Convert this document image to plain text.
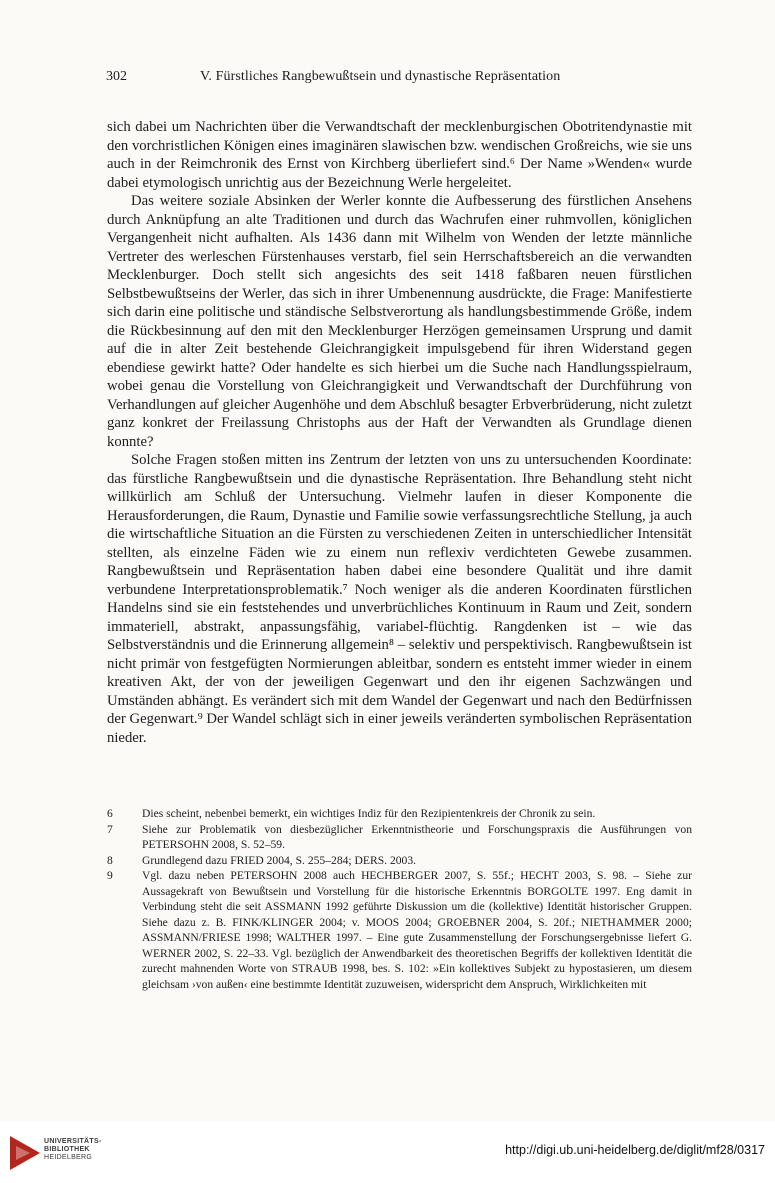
302	V. Fürstliches Rangbewußtsein und dynastische Repräsentation

sich dabei um Nachrichten über die Verwandtschaft der mecklenburgischen Obotritendynastie mit den vorchristlichen Königen eines imaginären slawischen bzw. wendischen Großreichs, wie sie uns auch in der Reimchronik des Ernst von Kirchberg überliefert sind.⁶ Der Name »Wenden« wurde dabei etymologisch unrichtig aus der Bezeichnung Werle hergeleitet.

Das weitere soziale Absinken der Werler konnte die Aufbesserung des fürstlichen Ansehens durch Anknüpfung an alte Traditionen und durch das Wachrufen einer ruhmvollen, königlichen Vergangenheit nicht aufhalten. Als 1436 dann mit Wilhelm von Wenden der letzte männliche Vertreter des werleschen Fürstenhauses verstarb, fiel sein Herrschaftsbereich an die verwandten Mecklenburger. Doch stellt sich angesichts des seit 1418 faßbaren neuen fürstlichen Selbstbewußtseins der Werler, das sich in ihrer Umbenennung ausdrückte, die Frage: Manifestierte sich darin eine politische und ständische Selbstverortung als handlungsbestimmende Größe, indem die Rückbesinnung auf den mit den Mecklenburger Herzögen gemeinsamen Ursprung und damit auf die in alter Zeit bestehende Gleichrangigkeit impulsgebend für ihren Widerstand gegen ebendiese gewirkt hatte? Oder handelte es sich hierbei um die Suche nach Handlungsspielraum, wobei genau die Vorstellung von Gleichrangigkeit und Verwandtschaft der Durchführung von Verhandlungen auf gleicher Augenhöhe und dem Abschluß besagter Erbverbrüderung, nicht zuletzt ganz konkret der Freilassung Christophs aus der Haft der Verwandten als Grundlage dienen konnte?

Solche Fragen stoßen mitten ins Zentrum der letzten von uns zu untersuchenden Koordinate: das fürstliche Rangbewußtsein und die dynastische Repräsentation. Ihre Behandlung steht nicht willkürlich am Schluß der Untersuchung. Vielmehr laufen in dieser Komponente die Herausforderungen, die Raum, Dynastie und Familie sowie verfassungsrechtliche Stellung, ja auch die wirtschaftliche Situation an die Fürsten zu verschiedenen Zeiten in unterschiedlicher Intensität stellten, als einzelne Fäden wie zu einem nun reflexiv verdichteten Gewebe zusammen. Rangbewußtsein und Repräsentation haben dabei eine besondere Qualität und ihre damit verbundene Interpretationsproblematik.⁷ Noch weniger als die anderen Koordinaten fürstlichen Handelns sind sie ein feststehendes und unverbrüchliches Kontinuum in Raum und Zeit, sondern immateriell, abstrakt, anpassungsfähig, variabel-flüchtig. Rangdenken ist – wie das Selbstverständnis und die Erinnerung allgemein⁸ – selektiv und perspektivisch. Rangbewußtsein ist nicht primär von festgefügten Normierungen ableitbar, sondern es entsteht immer wieder in einem kreativen Akt, der von der jeweiligen Gegenwart und den ihr eigenen Sachzwängen und Umständen abhängt. Es verändert sich mit dem Wandel der Gegenwart und nach den Bedürfnissen der Gegenwart.⁹ Der Wandel schlägt sich in einer jeweils veränderten symbolischen Repräsentation nieder.

6	Dies scheint, nebenbei bemerkt, ein wichtiges Indiz für den Rezipientenkreis der Chronik zu sein.
7	Siehe zur Problematik von diesbezüglicher Erkenntnistheorie und Forschungspraxis die Ausführungen von PETERSOHN 2008, S. 52–59.
8	Grundlegend dazu FRIED 2004, S. 255–284; DERS. 2003.
9	Vgl. dazu neben PETERSOHN 2008 auch HECHBERGER 2007, S. 55f.; HECHT 2003, S. 98. – Siehe zur Aussagekraft von Bewußtsein und Vorstellung für die historische Erkenntnis BORGOLTE 1997. Eng damit in Verbindung steht die seit ASSMANN 1992 geführte Diskussion um die (kollektive) Identität historischer Gruppen. Siehe dazu z. B. FINK/KLINGER 2004; v. MOOS 2004; GROEBNER 2004, S. 20f.; NIETHAMMER 2000; ASSMANN/FRIESE 1998; WALTHER 1997. – Eine gute Zusammenstellung der Forschungsergebnisse liefert G. WERNER 2002, S. 22–33. Vgl. bezüglich der Anwendbarkeit des theoretischen Begriffs der kollektiven Identität die zurecht mahnenden Worte von STRAUB 1998, bes. S. 102: »Ein kollektives Subjekt zu hypostasieren, um diesem gleichsam ›von außen‹ eine bestimmte Identität zuzuweisen, widerspricht dem Anspruch, Wirklichkeiten mit
UNIVERSITÄTS-
BIBLIOTHEK
HEIDELBERG
http://digi.ub.uni-heidelberg.de/diglit/mf28/0317
